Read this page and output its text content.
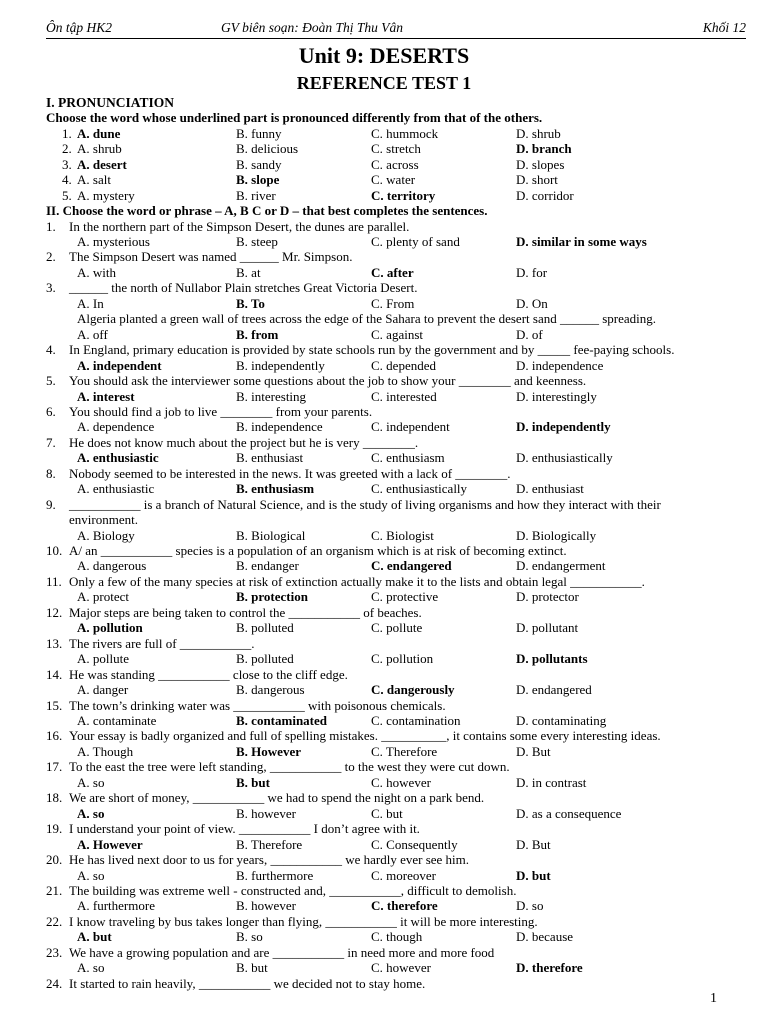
Ôn tập HK2	GV biên soạn: Đoàn Thị Thu Vân	Khối 12
Unit 9: DESERTS
REFERENCE TEST 1
I. PRONUNCIATION
Choose the word whose underlined part is pronounced differently from that of the others.
1. A. dune	B. funny	C. hummock	D. shrub
2. A. shrub	B. delicious	C. stretch	D. branch
3. A. desert	B. sandy	C. across	D. slopes
4. A. salt	B. slope	C. water	D. short
5. A. mystery	B. river	C. territory	D. corridor
II. Choose the word or phrase – A, B C or D – that best completes the sentences.
1. In the northern part of the Simpson Desert, the dunes are parallel.
A. mysterious	B. steep	C. plenty of sand	D. similar in some ways
2. The Simpson Desert was named ______ Mr. Simpson.
A. with	B. at	C. after	D. for
3. ______ the north of Nullabor Plain stretches Great Victoria Desert.
A. In	B. To	C. From	D. On
Algeria planted a green wall of trees across the edge of the Sahara to prevent the desert sand ______ spreading.
A. off	B. from	C. against	D. of
4. In England, primary education is provided by state schools run by the government and by _____ fee-paying schools.
A. independent	B. independently	C. depended	D. independence
5. You should ask the interviewer some questions about the job to show your ________ and keenness.
A. interest	B. interesting	C. interested	D. interestingly
6. You should find a job to live ________ from your parents.
A. dependence	B. independence	C. independent	D. independently
7. He does not know much about the project but he is very ________.
A. enthusiastic	B. enthusiast	C. enthusiasm	D. enthusiastically
8. Nobody seemed to be interested in the news. It was greeted with a lack of ________.
A. enthusiastic	B. enthusiasm	C. enthusiastically	D. enthusiast
9. ___________ is a branch of Natural Science, and is the study of living organisms and how they interact with their
environment.
A. Biology	B. Biological	C. Biologist	D. Biologically
10. A/ an ___________ species is a population of an organism which is at risk of becoming extinct.
A. dangerous	B. endanger	C. endangered	D. endangerment
11. Only a few of the many species at risk of extinction actually make it to the lists and obtain legal ___________.
A. protect	B. protection	C. protective	D. protector
12. Major steps are being taken to control the ___________ of beaches.
A. pollution	B. polluted	C. pollute	D. pollutant
13. The rivers are full of ___________.
A. pollute	B. polluted	C. pollution	D. pollutants
14. He was standing ___________ close to the cliff edge.
A. danger	B. dangerous	C. dangerously	D. endangered
15. The town’s drinking water was ___________ with poisonous chemicals.
A. contaminate	B. contaminated	C. contamination	D. contaminating
16. Your essay is badly organized and full of spelling mistakes. __________, it contains some every interesting ideas.
A. Though	B. However	C. Therefore	D. But
17. To the east the tree were left standing, ___________ to the west they were cut down.
A. so	B. but	C. however	D. in contrast
18. We are short of money, ___________ we had to spend the night on a park bend.
A. so	B. however	C. but	D. as a consequence
19. I understand your point of view. ___________ I don’t agree with it.
A. However	B. Therefore	C. Consequently	D. But
20. He has lived next door to us for years, ___________ we hardly ever see him.
A. so	B. furthermore	C. moreover	D. but
21. The building was extreme well - constructed and, ___________, difficult to demolish.
A. furthermore	B. however	C. therefore	D. so
22. I know traveling by bus takes longer than flying, ___________ it will be more interesting.
A. but	B. so	C. though	D. because
23. We have a growing population and are ___________ in need more and more food
A. so	B. but	C. however	D. therefore
24. It started to rain heavily, ___________ we decided not to stay home.
1
